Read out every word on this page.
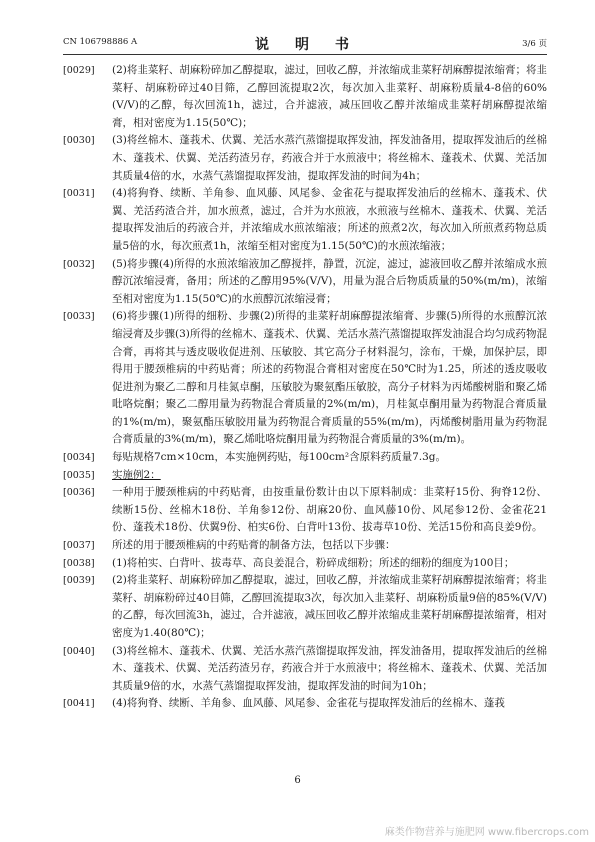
CN 106798886 A	说　明　书	3/6 页
[0029] (2)将韭菜籽、胡麻粉碎加乙醇提取，滤过，回收乙醇，并浓缩成韭菜籽胡麻醇提浓缩膏；将韭菜籽、胡麻粉碎过40目筛，乙醇回流提取2次，每次加入韭菜籽、胡麻粉质量4-8倍的60%(V/V)的乙醇，每次回流1h，滤过，合并滤液，减压回收乙醇并浓缩成韭菜籽胡麻醇提浓缩膏，相对密度为1.15(50℃)；
[0030] (3)将丝棉木、蓬莪术、伏翼、羌活水蒸汽蒸馏提取挥发油，挥发油备用，提取挥发油后的丝棉木、蓬莪术、伏翼、羌活药渣另存，药液合并于水煎液中；将丝棉木、蓬莪术、伏翼、羌活加其质量4倍的水，水蒸气蒸馏提取挥发油，提取挥发油的时间为4h；
[0031] (4)将狗脊、续断、羊角参、血风藤、风尾参、金雀花与提取挥发油后的丝棉木、蓬莪术、伏翼、羌活药渣合并，加水煎煮，滤过，合并为水煎液，水煎液与丝棉木、蓬莪术、伏翼、羌活提取挥发油后的药液合并，并浓缩成水煎浓缩液；所述的煎煮2次，每次加入所煎煮药物总质量5倍的水，每次煎煮1h，浓缩至相对密度为1.15(50℃)的水煎浓缩液；
[0032] (5)将步骤(4)所得的水煎浓缩液加乙醇搅拌，静置，沉淀，滤过，滤液回收乙醇并浓缩成水煎醇沉浓缩浸膏，备用；所述的乙醇用95%(V/V)，用量为混合后物质质量的50%(m/m)，浓缩至相对密度为1.15(50℃)的水煎醇沉浓缩浸膏；
[0033] (6)将步骤(1)所得的细粉、步骤(2)所得的韭菜籽胡麻醇提浓缩膏、步骤(5)所得的水煎醇沉浓缩浸膏及步骤(3)所得的丝棉木、蓬莪术、伏翼、羌活水蒸汽蒸馏提取挥发油混合均匀成药物混合膏，再将其与透皮吸收促进剂、压敏胶、其它高分子材料混匀，涂布，干燥，加保护层，即得用于腰颈椎病的中药贴膏；所述的药物混合膏相对密度在50℃时为1.25，所述的透皮吸收促进剂为聚乙二醇和月桂氮卓酮，压敏胶为聚氨酯压敏胶，高分子材料为丙烯酸树脂和聚乙烯吡咯烷酮；聚乙二醇用量为药物混合膏质量的2%(m/m)，月桂氮卓酮用量为药物混合膏质量的1%(m/m)，聚氨酯压敏胶用量为药物混合膏质量的55%(m/m)，丙烯酸树脂用量为药物混合膏质量的3%(m/m)，聚乙烯吡咯烷酮用量为药物混合膏质量的3%(m/m)。
[0034] 每贴规格7cm×10cm，本实施例药贴，每100cm²含原料药质量7.3g。
[0035] 实施例2：
[0036] 一种用于腰颈椎病的中药贴膏，由按重量份数计由以下原料制成：韭菜籽15份、狗脊12份、续断15份、丝棉木18份、羊角参12份、胡麻20份、血风藤10份、风尾参12份、金雀花21份、蓬莪术18份、伏翼9份、柏实6份、白背叶13份、拔毒草10份、羌活15份和高良姜9份。
[0037] 所述的用于腰颈椎病的中药贴膏的制备方法，包括以下步骤：
[0038] (1)将柏实、白背叶、拔毒草、高良姜混合，粉碎成细粉；所述的细粉的细度为100目；
[0039] (2)将韭菜籽、胡麻粉碎加乙醇提取，滤过，回收乙醇，并浓缩成韭菜籽胡麻醇提浓缩膏；将韭菜籽、胡麻粉碎过40目筛，乙醇回流提取3次，每次加入韭菜籽、胡麻粉质量9倍的85%(V/V)的乙醇，每次回流3h，滤过，合并滤液，减压回收乙醇并浓缩成韭菜籽胡麻醇提浓缩膏，相对密度为1.40(80℃)；
[0040] (3)将丝棉木、蓬莪术、伏翼、羌活水蒸汽蒸馏提取挥发油，挥发油备用，提取挥发油后的丝棉木、蓬莪术、伏翼、羌活药渣另存，药液合并于水煎液中；将丝棉木、蓬莪术、伏翼、羌活加其质量9倍的水，水蒸气蒸馏提取挥发油，提取挥发油的时间为10h；
[0041] (4)将狗脊、续断、羊角参、血风藤、风尾参、金雀花与提取挥发油后的丝棉木、蓬莪
6
麻类作物营养与施肥网 www.fibercrops.com
